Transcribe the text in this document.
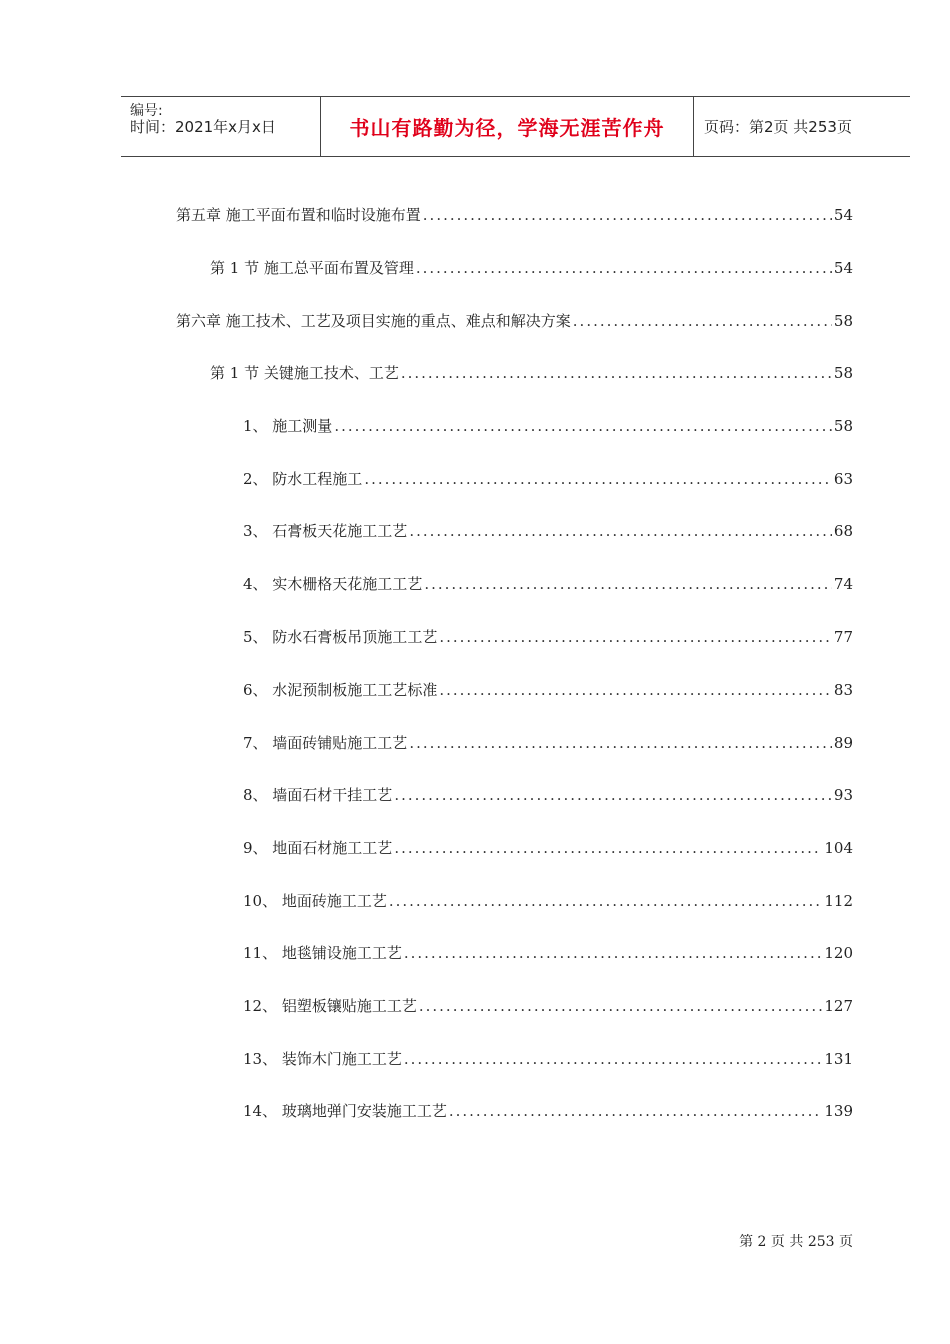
编号:
时间：2021年x月x日	书山有路勤为径，学海无涯苦作舟	页码：第2页 共253页
第五章 施工平面布置和临时设施布置 .....	54
第 1 节 施工总平面布置及管理 .....	54
第六章 施工技术、工艺及项目实施的重点、难点和解决方案 .....	58
第 1 节 关键施工技术、工艺 .....	58
1、 施工测量 .....	58
2、 防水工程施工 .....	63
3、 石膏板天花施工工艺 .....	68
4、 实木栅格天花施工工艺 .....	74
5、 防水石膏板吊顶施工工艺 .....	77
6、 水泥预制板施工工艺标准 .....	83
7、 墙面砖铺贴施工工艺 .....	89
8、 墙面石材干挂工艺 .....	93
9、 地面石材施工工艺 .....	104
10、 地面砖施工工艺 .....	112
11、 地毯铺设施工工艺 .....	120
12、 铝塑板镶贴施工工艺 .....	127
13、 装饰木门施工工艺 .....	131
14、 玻璃地弹门安装施工工艺 .....	139
第 2 页 共 253 页
